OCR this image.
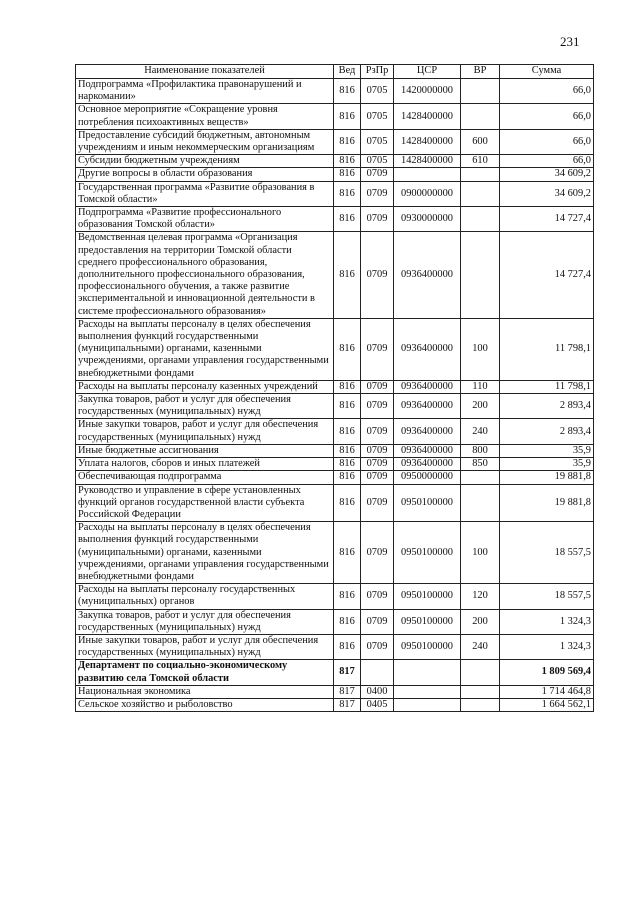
231
Наименование показателей	Вед	РзПр	ЦСР	ВР	Сумма
Подпрограмма «Профилактика правонарушений и наркомании»	816	0705	1420000000		66,0
Основное мероприятие «Сокращение уровня потребления психоактивных веществ»	816	0705	1428400000		66,0
Предоставление субсидий бюджетным, автономным учреждениям и иным некоммерческим организациям	816	0705	1428400000	600	66,0
Субсидии бюджетным учреждениям	816	0705	1428400000	610	66,0
Другие вопросы в области образования	816	0709			34 609,2
Государственная программа «Развитие образования в Томской области»	816	0709	0900000000		34 609,2
Подпрограмма «Развитие профессионального образования Томской области»	816	0709	0930000000		14 727,4
Ведомственная целевая программа «Организация предоставления на территории Томской области среднего профессионального образования, дополнительного профессионального образования, профессионального обучения, а также развитие экспериментальной и инновационной деятельности в системе профессионального образования»	816	0709	0936400000		14 727,4
Расходы на выплаты персоналу в целях обеспечения выполнения функций государственными (муниципальными) органами, казенными учреждениями, органами управления государственными внебюджетными фондами	816	0709	0936400000	100	11 798,1
Расходы на выплаты персоналу казенных учреждений	816	0709	0936400000	110	11 798,1
Закупка товаров, работ и услуг для обеспечения государственных (муниципальных) нужд	816	0709	0936400000	200	2 893,4
Иные закупки товаров, работ и услуг для обеспечения государственных (муниципальных) нужд	816	0709	0936400000	240	2 893,4
Иные бюджетные ассигнования	816	0709	0936400000	800	35,9
Уплата налогов, сборов и иных платежей	816	0709	0936400000	850	35,9
Обеспечивающая подпрограмма	816	0709	0950000000		19 881,8
Руководство и управление в сфере установленных функций органов государственной власти субъекта Российской Федерации	816	0709	0950100000		19 881,8
Расходы на выплаты персоналу в целях обеспечения выполнения функций государственными (муниципальными) органами, казенными учреждениями, органами управления государственными внебюджетными фондами	816	0709	0950100000	100	18 557,5
Расходы на выплаты персоналу государственных (муниципальных) органов	816	0709	0950100000	120	18 557,5
Закупка товаров, работ и услуг для обеспечения государственных (муниципальных) нужд	816	0709	0950100000	200	1 324,3
Иные закупки товаров, работ и услуг для обеспечения государственных (муниципальных) нужд	816	0709	0950100000	240	1 324,3
Департамент по социально-экономическому развитию села Томской области	817				1 809 569,4
Национальная экономика	817	0400			1 714 464,8
Сельское хозяйство и рыболовство	817	0405			1 664 562,1
